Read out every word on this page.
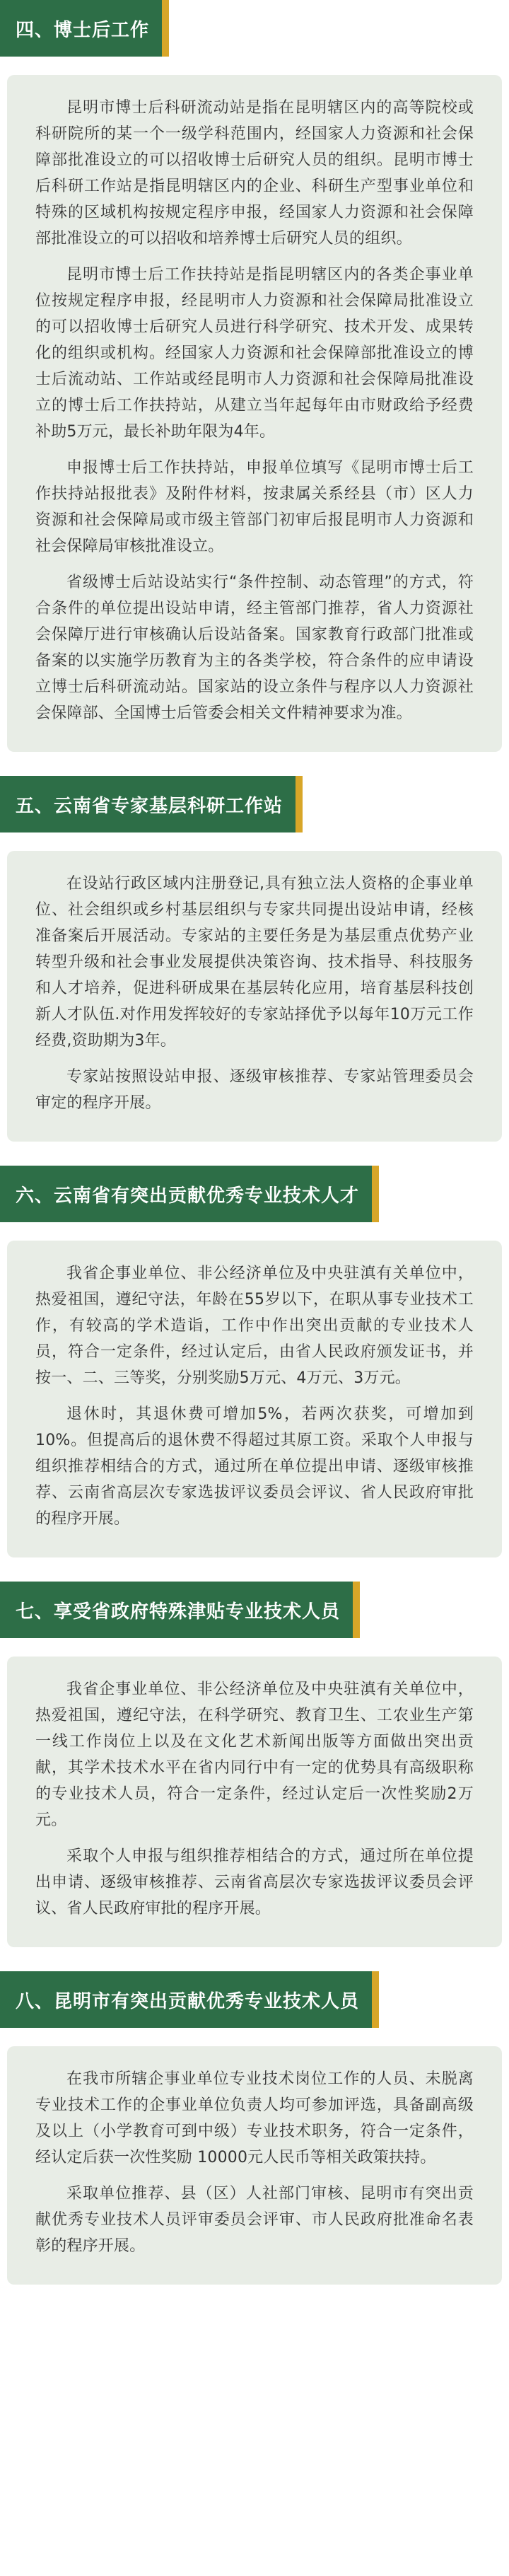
四、博士后工作

昆明市博士后科研流动站是指在昆明辖区内的高等院校或科研院所的某一个一级学科范围内，经国家人力资源和社会保障部批准设立的可以招收博士后研究人员的组织。昆明市博士后科研工作站是指昆明辖区内的企业、科研生产型事业单位和特殊的区域机构按规定程序申报，经国家人力资源和社会保障部批准设立的可以招收和培养博士后研究人员的组织。

昆明市博士后工作扶持站是指昆明辖区内的各类企事业单位按规定程序申报，经昆明市人力资源和社会保障局批准设立的可以招收博士后研究人员进行科学研究、技术开发、成果转化的组织或机构。经国家人力资源和社会保障部批准设立的博士后流动站、工作站或经昆明市人力资源和社会保障局批准设立的博士后工作扶持站，从建立当年起每年由市财政给予经费补助5万元，最长补助年限为4年。

申报博士后工作扶持站，申报单位填写《昆明市博士后工作扶持站报批表》及附件材料，按隶属关系经县（市）区人力资源和社会保障局或市级主管部门初审后报昆明市人力资源和社会保障局审核批准设立。

省级博士后站设站实行“条件控制、动态管理”的方式，符合条件的单位提出设站申请，经主管部门推荐，省人力资源社会保障厅进行审核确认后设站备案。国家教育行政部门批准或备案的以实施学历教育为主的各类学校，符合条件的应申请设立博士后科研流动站。国家站的设立条件与程序以人力资源社会保障部、全国博士后管委会相关文件精神要求为准。

五、云南省专家基层科研工作站

在设站行政区域内注册登记,具有独立法人资格的企事业单位、社会组织或乡村基层组织与专家共同提出设站申请，经核准备案后开展活动。专家站的主要任务是为基层重点优势产业转型升级和社会事业发展提供决策咨询、技术指导、科技服务和人才培养，促进科研成果在基层转化应用，培育基层科技创新人才队伍.对作用发挥较好的专家站择优予以每年10万元工作经费,资助期为3年。

专家站按照设站申报、逐级审核推荐、专家站管理委员会审定的程序开展。

六、云南省有突出贡献优秀专业技术人才

我省企事业单位、非公经济单位及中央驻滇有关单位中，热爱祖国，遵纪守法，年龄在55岁以下，在职从事专业技术工作，有较高的学术造诣，工作中作出突出贡献的专业技术人员，符合一定条件，经过认定后，由省人民政府颁发证书，并按一、二、三等奖，分别奖励5万元、4万元、3万元。

退休时，其退休费可增加5%，若两次获奖，可增加到10%。但提高后的退休费不得超过其原工资。采取个人申报与组织推荐相结合的方式，通过所在单位提出申请、逐级审核推荐、云南省高层次专家选拔评议委员会评议、省人民政府审批的程序开展。

七、享受省政府特殊津贴专业技术人员

我省企事业单位、非公经济单位及中央驻滇有关单位中，热爱祖国，遵纪守法，在科学研究、教育卫生、工农业生产第一线工作岗位上以及在文化艺术新闻出版等方面做出突出贡献，其学术技术水平在省内同行中有一定的优势具有高级职称的专业技术人员，符合一定条件，经过认定后一次性奖励2万元。

采取个人申报与组织推荐相结合的方式，通过所在单位提出申请、逐级审核推荐、云南省高层次专家选拔评议委员会评议、省人民政府审批的程序开展。

八、昆明市有突出贡献优秀专业技术人员

在我市所辖企事业单位专业技术岗位工作的人员、未脱离专业技术工作的企事业单位负责人均可参加评选，具备副高级及以上（小学教育可到中级）专业技术职务，符合一定条件，经认定后获一次性奖励 10000元人民币等相关政策扶持。

采取单位推荐、县（区）人社部门审核、昆明市有突出贡献优秀专业技术人员评审委员会评审、市人民政府批准命名表彰的程序开展。
